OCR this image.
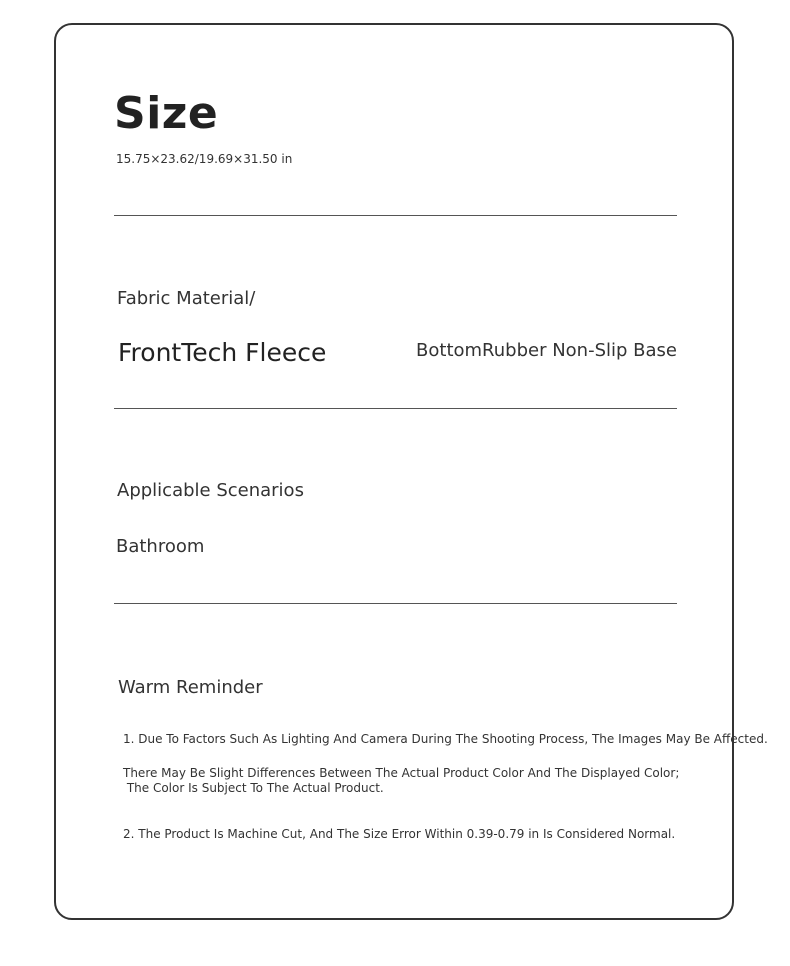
Size
15.75×23.62/19.69×31.50 in
Fabric Material/
FrontTech Fleece	BottomRubber Non-Slip Base
Applicable Scenarios
Bathroom
Warm Reminder
1. Due To Factors Such As Lighting And Camera During The Shooting Process, The Images May Be Affected.
There May Be Slight Differences Between The Actual Product Color And The Displayed Color;
The Color Is Subject To The Actual Product.
2. The Product Is Machine Cut, And The Size Error Within 0.39-0.79 in Is Considered Normal.
